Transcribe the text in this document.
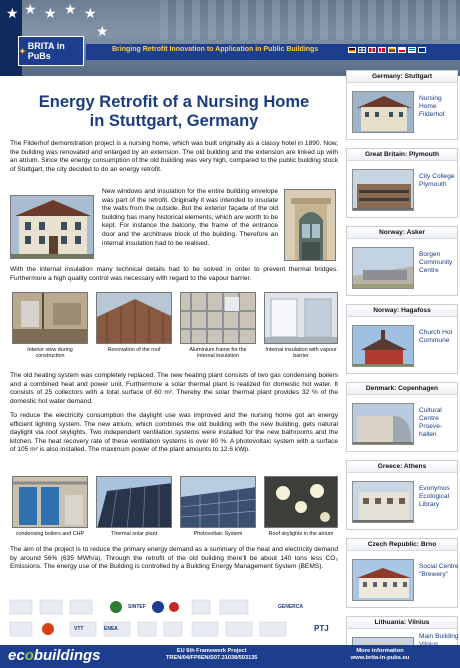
★ ★ ★ ★ ★
★
✦ BRITA in PuBs
Bringing Retrofit Innovation to Application in Public Buildings
Energy Retrofit of a Nursing Home
in Stuttgart, Germany
The Filderhof demonstration project is a nursing home, which was built originally as a classy hotel in 1890. Now, the building was renovated and enlarged by an extension. The old building and the extension are linked up with an atrium. Since the energy consumption of the old building was very high, compared to the public building stock of Stuttgart, the city decided to do an energy retrofit.
New windows and insulation for the entire building envelope was part of the retrofit. Originally it was intended to insulate the walls from the outside. But the exterior façade of the old building has many historical elements, which are worth to be kept. For instance the balcony, the frame of the entrance door and the architrave block of the building. Therefore an internal insulation had to be realised.
With the internal insulation many technical details had to be solved in order to prevent thermal bridges. Furthermore a high quality control was necessary with regard to the vapour barrier.
Interior view during construction
Renovation of the roof	Aluminium frame for the internal insulation
Internal insulation with vapour barrier
The old heating system was completely replaced. The new heating plant consists of two gas condensing boilers and a combined heat and power unit. Furthermore a solar thermal plant is realized for domestic hot water. It consists of 25 collectors with a total surface of 60 m². Thereby the solar thermal plant provides 32 % of the domestic hot water demand.
To reduce the electricity consumption the daylight use was improved and the nursing home got an energy efficient lighting system. The new atrium, which combines the old building with the new building, gets natural daylight via roof skylights. Two independent ventilation systems were installed for the new bathrooms and the kitchen. The heat recovery rate of these ventilation systems is over 80 %. A photovoltaic system with a surface of 105 m² is also installed. The maximum power of the plant amounts to 12.6 kWp.
condensing boilers and CHP	Thermal solar plant	Photovoltaic System	Roof skylights in the atrium
The aim of the project is to reduce the primary energy demand as a summary of the heat and electricity demand by around 56% (635 MWh/a). Through the retrofit of the old building there'll be about 140 tons less CO₂ Emissions. The energy use of the Building is controlled by a Building Energy Management System (BEMS).
Germany: Stuttgart
Nursing Home Filderhof
Great Britain: Plymouth
City College Plymouth
Norway: Asker
Borgen Community Centre
Norway: Hagafoss
Church Hol Commune
Denmark: Copenhagen
Cultural Centre Proeve-hallen
Greece: Athens
Evonymos Ecological Library
Czech Republic: Brno
Social Centre "Brewery"
Lithuania: Vilnius
Main Building
SINTEF
ENEA
VTT
GENERCA
PTJ
ecobuildings	EU 6th Framework Project
TREN/04/FP6EN/S07.31038/503135
More information
www.brita-in-pubs.eu
